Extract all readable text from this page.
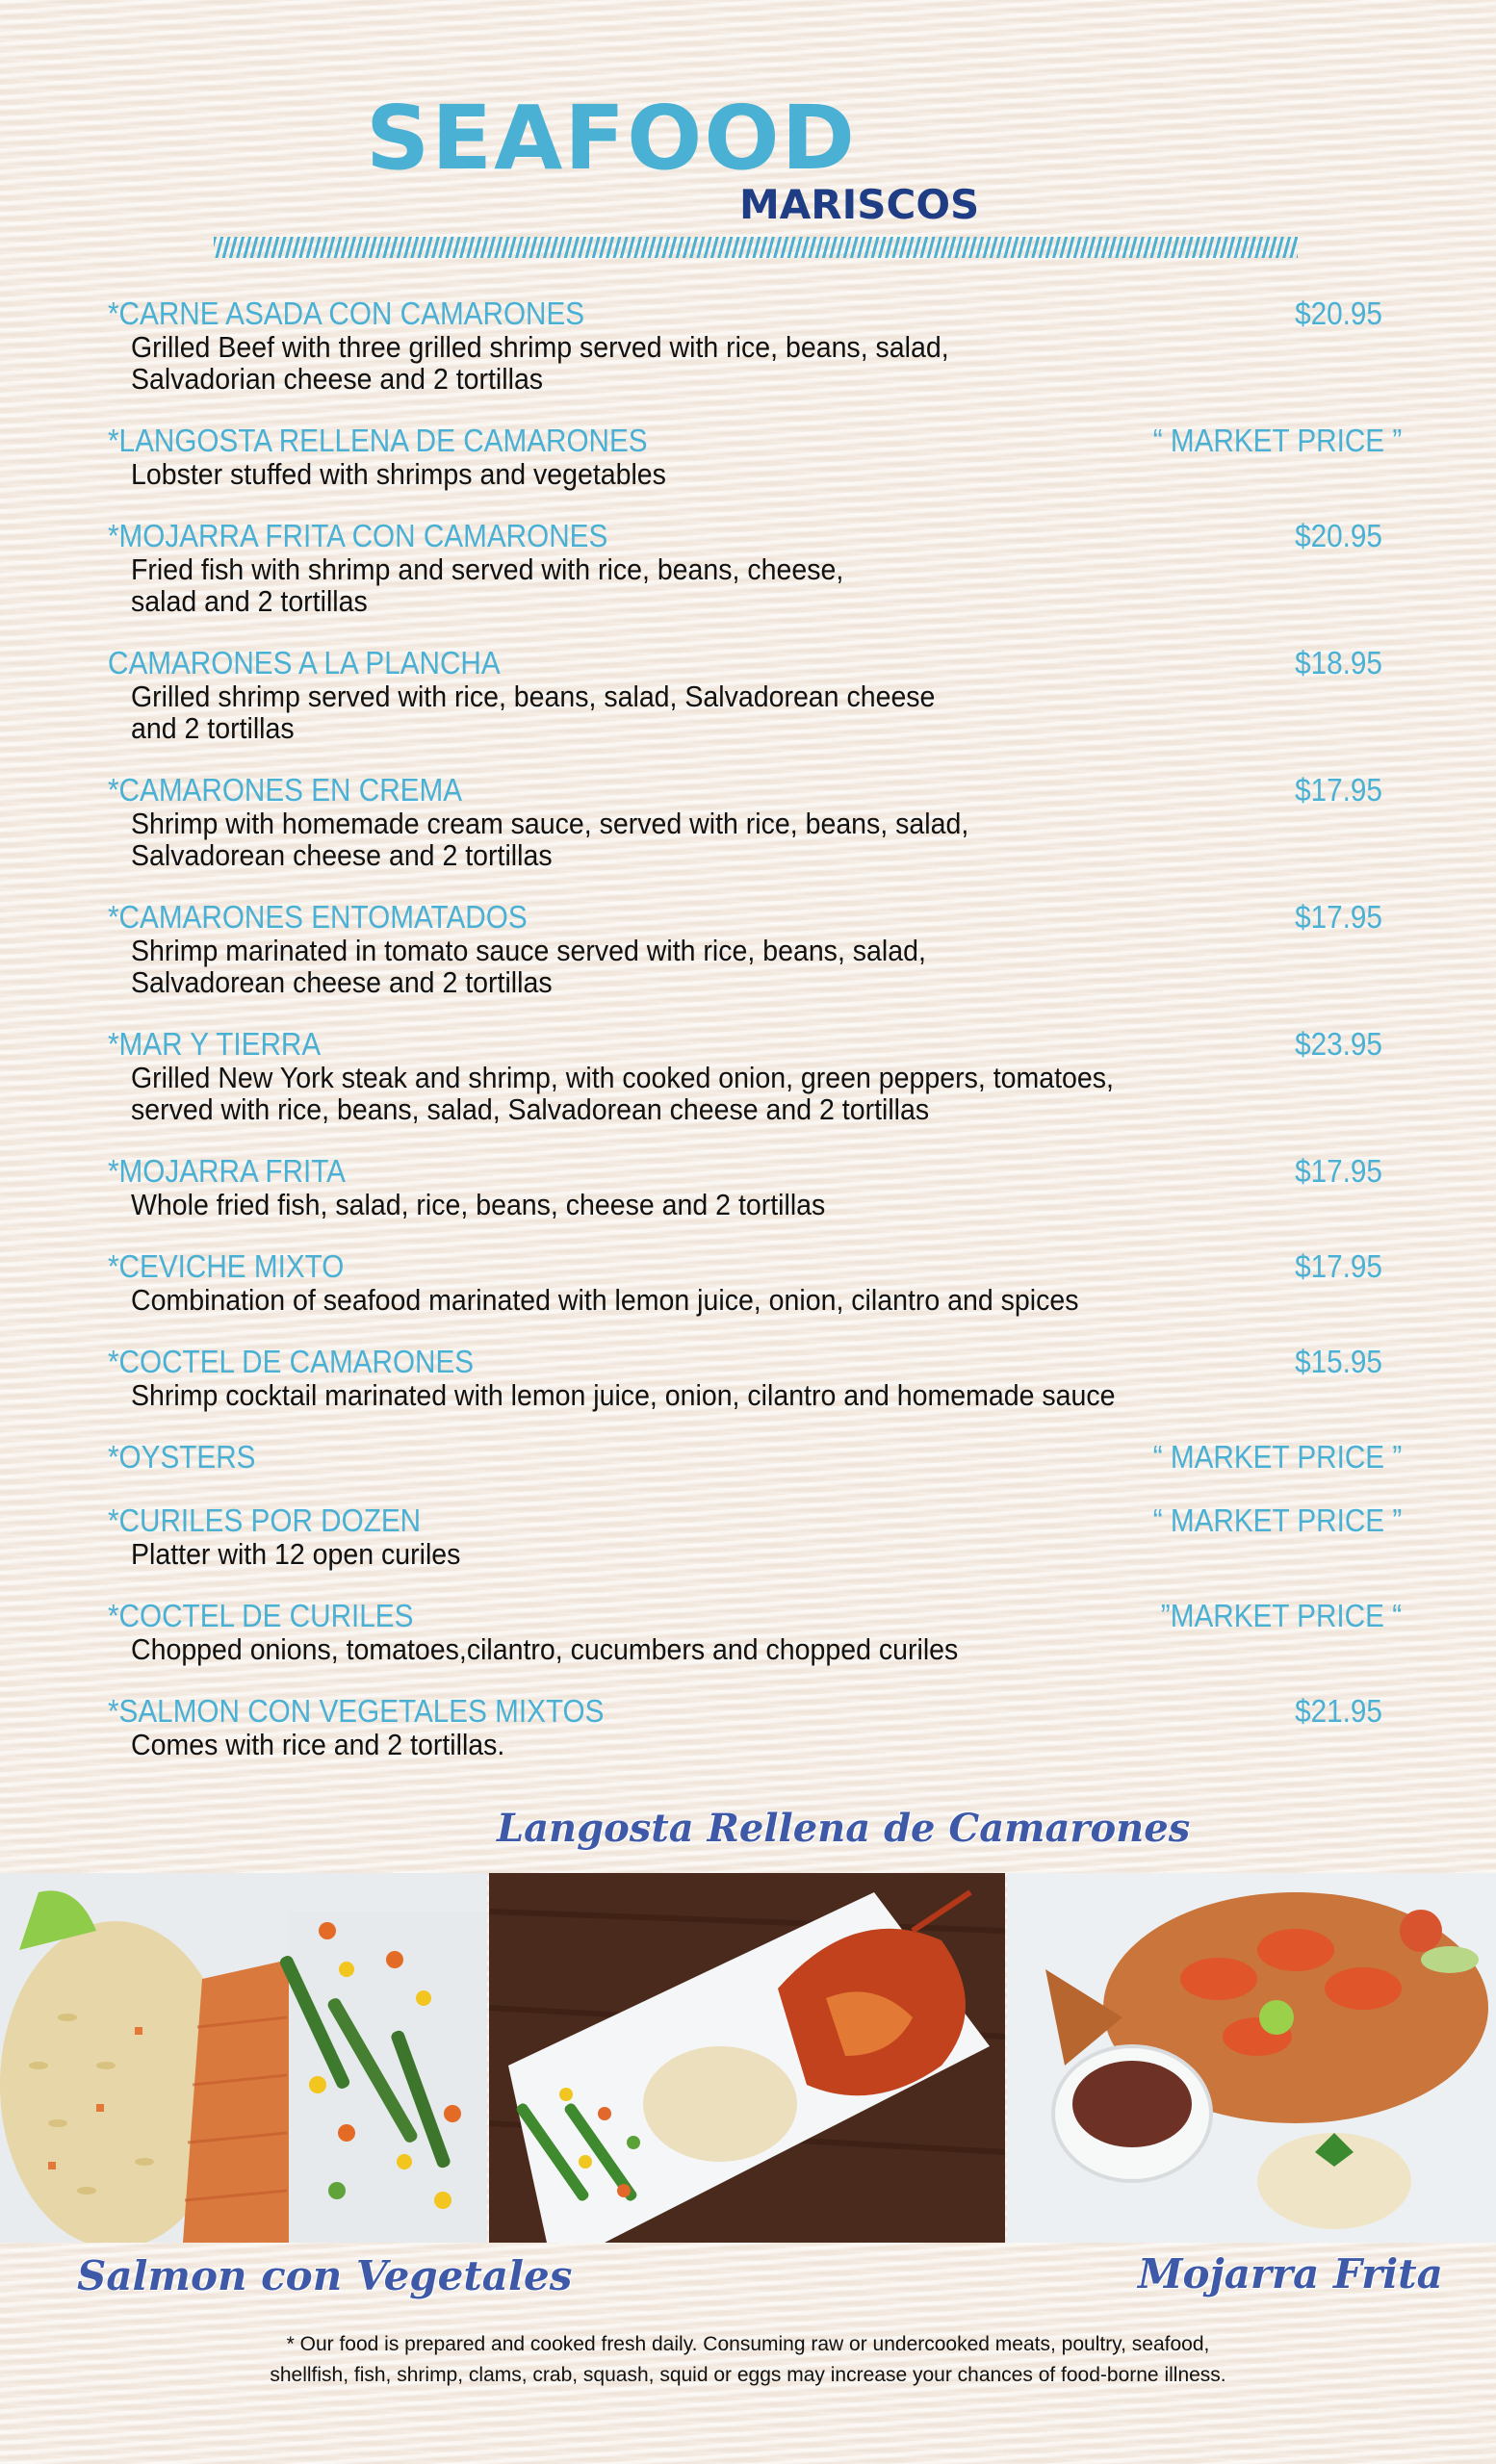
SEAFOOD
MARISCOS
*CARNE ASADA CON CAMARONES	$20.95
Grilled Beef with three grilled shrimp served with rice, beans, salad,
Salvadorian cheese and 2 tortillas
*LANGOSTA RELLENA DE CAMARONES	“ MARKET PRICE ”
Lobster stuffed with shrimps and vegetables
*MOJARRA FRITA CON CAMARONES	$20.95
Fried fish with shrimp and served with rice, beans, cheese,
salad and 2 tortillas
CAMARONES A LA PLANCHA	$18.95
Grilled shrimp served with rice, beans, salad, Salvadorean cheese
and 2 tortillas
*CAMARONES EN CREMA	$17.95
Shrimp with homemade cream sauce, served with rice, beans, salad,
Salvadorean cheese and 2 tortillas
*CAMARONES ENTOMATADOS	$17.95
Shrimp marinated in tomato sauce served with rice, beans, salad,
Salvadorean cheese and 2 tortillas
*MAR Y TIERRA	$23.95
Grilled New York steak and shrimp, with cooked onion, green peppers, tomatoes,
served with rice, beans, salad, Salvadorean cheese and 2 tortillas
*MOJARRA FRITA	$17.95
Whole fried fish, salad, rice, beans, cheese and 2 tortillas
*CEVICHE MIXTO	$17.95
Combination of seafood marinated with lemon juice, onion, cilantro and spices
*COCTEL DE CAMARONES	$15.95
Shrimp cocktail marinated with lemon juice, onion, cilantro and homemade sauce
*OYSTERS	“ MARKET PRICE ”
*CURILES POR DOZEN	“ MARKET PRICE ”
Platter with 12 open curiles
*COCTEL DE CURILES	”MARKET PRICE “
Chopped onions, tomatoes,cilantro, cucumbers and chopped curiles
*SALMON CON VEGETALES MIXTOS	$21.95
Comes with rice and 2 tortillas.
Langosta Rellena de Camarones
Salmon con Vegetales	Mojarra Frita
* Our food is prepared and cooked fresh daily. Consuming raw or undercooked meats, poultry, seafood,
shellfish, fish, shrimp, clams, crab, squash, squid or eggs may increase your chances of food-borne illness.
